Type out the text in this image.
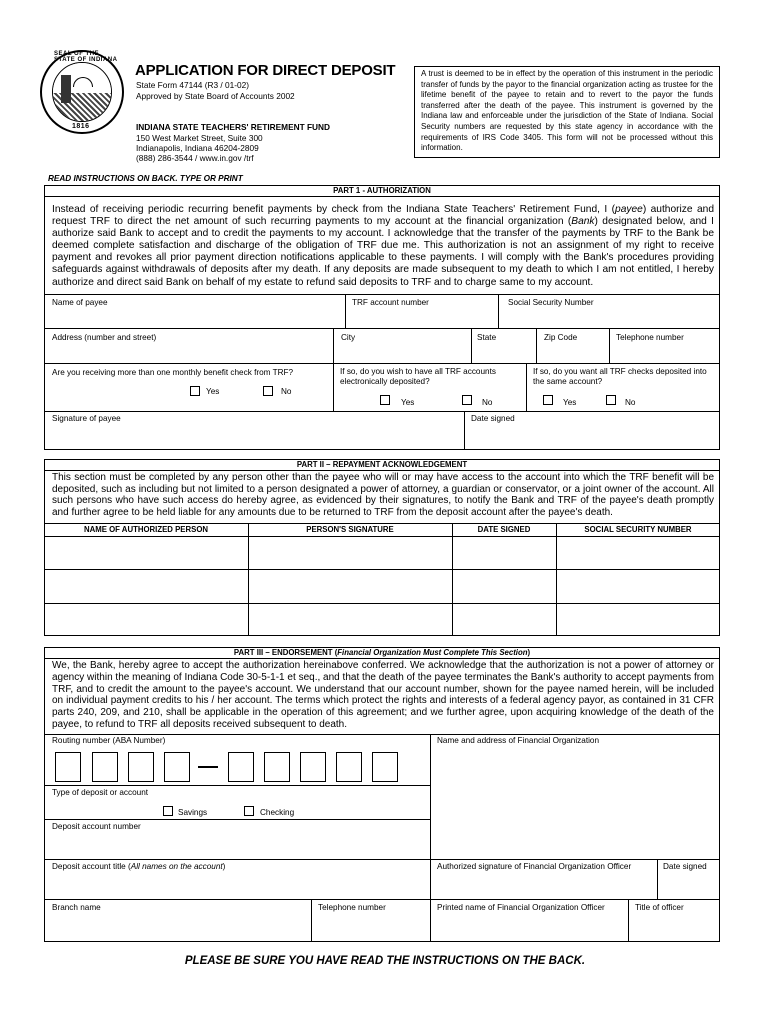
SEAL OF THE STATE OF INDIANA
1816
APPLICATION FOR DIRECT DEPOSIT
State Form 47144 (R3 / 01-02)
Approved by State Board of Accounts 2002
INDIANA STATE TEACHERS' RETIREMENT FUND
150 West Market Street, Suite 300
Indianapolis, Indiana 46204-2809
(888) 286-3544 / www.in.gov /trf
A trust is deemed to be in effect by the operation of this instrument in the periodic transfer of funds by the payor to the financial organization acting as trustee for the lifetime benefit of the payee to retain and to revert to the payor the funds transferred after the death of the payee. This instrument is governed by the Indiana law and enforceable under the jurisdiction of the State of Indiana. Social Security numbers are requested by this state agency in accordance with the requirements of IRS Code 3405. This form will not be processed without this information.
READ INSTRUCTIONS ON BACK. TYPE OR PRINT
PART 1 - AUTHORIZATION
Instead of receiving periodic recurring benefit payments by check from the Indiana State Teachers' Retirement Fund, I (payee) authorize and request TRF to direct the net amount of such recurring payments to my account at the financial organization (Bank) designated below, and I authorize said Bank to accept and to credit the payments to my account. I acknowledge that the transfer of the payments by TRF to the Bank be deemed complete satisfaction and discharge of the obligation of TRF due me. This authorization is not an assignment of my right to receive payment and revokes all prior payment direction notifications applicable to these payments. I will comply with the Bank's procedures providing safeguards against withdrawals of deposits after my death. If any deposits are made subsequent to my death to which I am not entitled, I hereby authorize and direct said Bank on behalf of my estate to refund said deposits to TRF and to charge same to my account.
Name of payee	TRF account number	Social Security Number
Address (number and street)	City	State	Zip Code	Telephone number
Are you receiving more than one monthly benefit check from TRF?
Yes	No
If so, do you wish to have all TRF accounts electronically deposited?
Yes	No
If so, do you want all TRF checks deposited into the same account?
Yes	No
Signature of payee	Date signed
PART II – REPAYMENT ACKNOWLEDGEMENT
This section must be completed by any person other than the payee who will or may have access to the account into which the TRF benefit will be deposited, such as including but not limited to a person designated a power of attorney, a guardian or conservator, or a joint owner of the account. All such persons who have such access do hereby agree, as evidenced by their signatures, to notify the Bank and TRF of the payee's death promptly and further agree to be held liable for any amounts due to be returned to TRF from the deposit account after the payee's death.
NAME OF AUTHORIZED PERSON	PERSON'S SIGNATURE	DATE SIGNED	SOCIAL SECURITY NUMBER
PART III – ENDORSEMENT (Financial Organization Must Complete This Section)
We, the Bank, hereby agree to accept the authorization hereinabove conferred. We acknowledge that the authorization is not a power of attorney or agency within the meaning of Indiana Code 30-5-1-1 et seq., and that the death of the payee terminates the Bank's authority to accept payments from TRF, and to credit the amount to the payee's account. We understand that our account number, shown for the payee named herein, will be included on individual payment credits to his / her account. The terms which protect the rights and interests of a federal agency payor, as contained in 31 CFR parts 240, 209, and 210, shall be applicable in the operation of this agreement; and we further agree, upon acquiring knowledge of the death of the payee, to refund to TRF all deposits received subsequent to death.
Routing number (ABA Number)	Name and address of Financial Organization
Type of deposit or account
Savings	Checking
Deposit account number
Deposit account title (All names on the account)	Authorized signature of Financial Organization Officer	Date signed
Branch name	Telephone number	Printed name of Financial Organization Officer	Title of officer
PLEASE BE SURE YOU HAVE READ THE INSTRUCTIONS ON THE BACK.
